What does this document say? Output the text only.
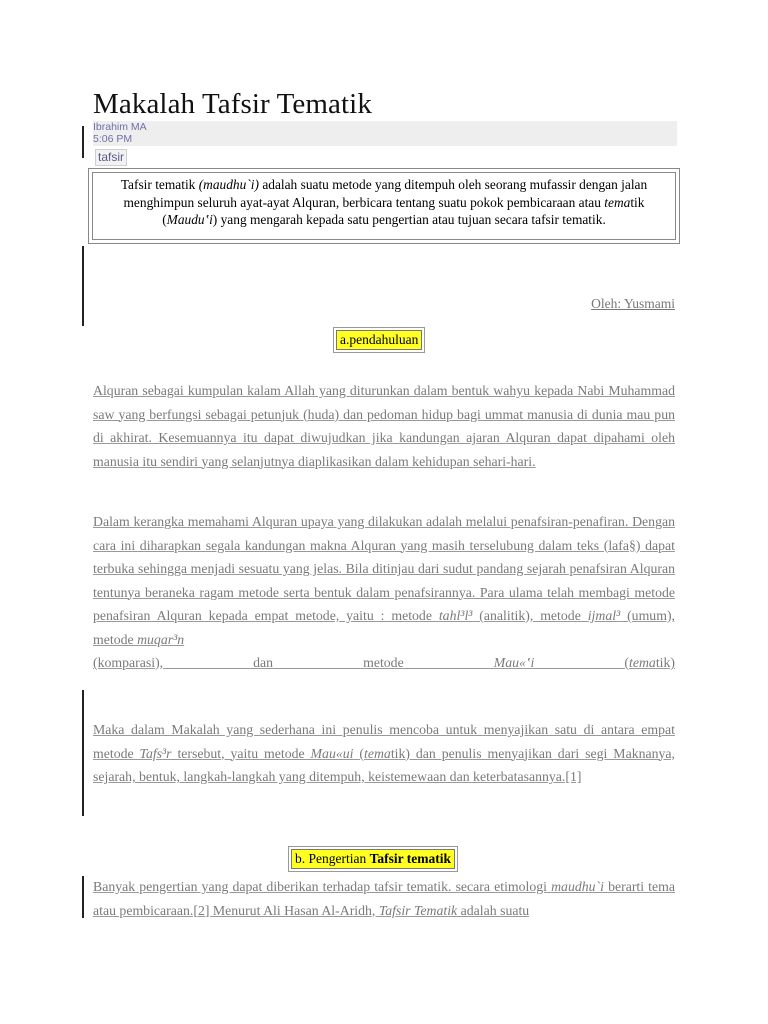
Makalah Tafsir Tematik
Ibrahim MA
5:06 PM
tafsir
Tafsir tematik (maudhu`i) adalah suatu metode yang ditempuh oleh seorang mufassir dengan jalan menghimpun seluruh ayat-ayat Alquran, berbicara tentang suatu pokok pembicaraan atau tematik (Maudu‛i) yang mengarah kepada satu pengertian atau tujuan secara tafsir tematik.
Oleh: Yusmami
a.pendahuluan
Alquran sebagai kumpulan kalam Allah yang diturunkan dalam bentuk wahyu kepada Nabi Muhammad saw yang berfungsi sebagai petunjuk (huda) dan pedoman hidup bagi ummat manusia di dunia mau pun di akhirat. Kesemuannya itu dapat diwujudkan jika kandungan ajaran Alquran dapat dipahami oleh manusia itu sendiri yang selanjutnya diaplikasikan dalam kehidupan sehari-hari.
Dalam kerangka memahami Alquran upaya yang dilakukan adalah melalui penafsiran-penafiran. Dengan cara ini diharapkan segala kandungan makna Alquran yang masih terselubung dalam teks (lafa§) dapat terbuka sehingga menjadi sesuatu yang jelas. Bila ditinjau dari sudut pandang sejarah penafsiran Alquran tentunya beraneka ragam metode serta bentuk dalam penafsirannya. Para ulama telah membagi metode penafsiran Alquran kepada empat metode, yaitu : metode tahl³l³ (analitik), metode ijmal³ (umum), metode muqar³n
(komparasi), dan metode Mau«‛i (tematik)
Maka dalam Makalah yang sederhana ini penulis mencoba untuk menyajikan satu di antara empat metode Tafs³r tersebut, yaitu metode Mau«ui (tematik) dan penulis menyajikan dari segi Maknanya, sejarah, bentuk, langkah-langkah yang ditempuh, keistemewaan dan keterbatasannya.[1]
b. Pengertian Tafsir tematik
Banyak pengertian yang dapat diberikan terhadap tafsir tematik. secara etimologi maudhu`i berarti tema atau pembicaraan.[2] Menurut Ali Hasan Al-Aridh, Tafsir Tematik adalah suatu
